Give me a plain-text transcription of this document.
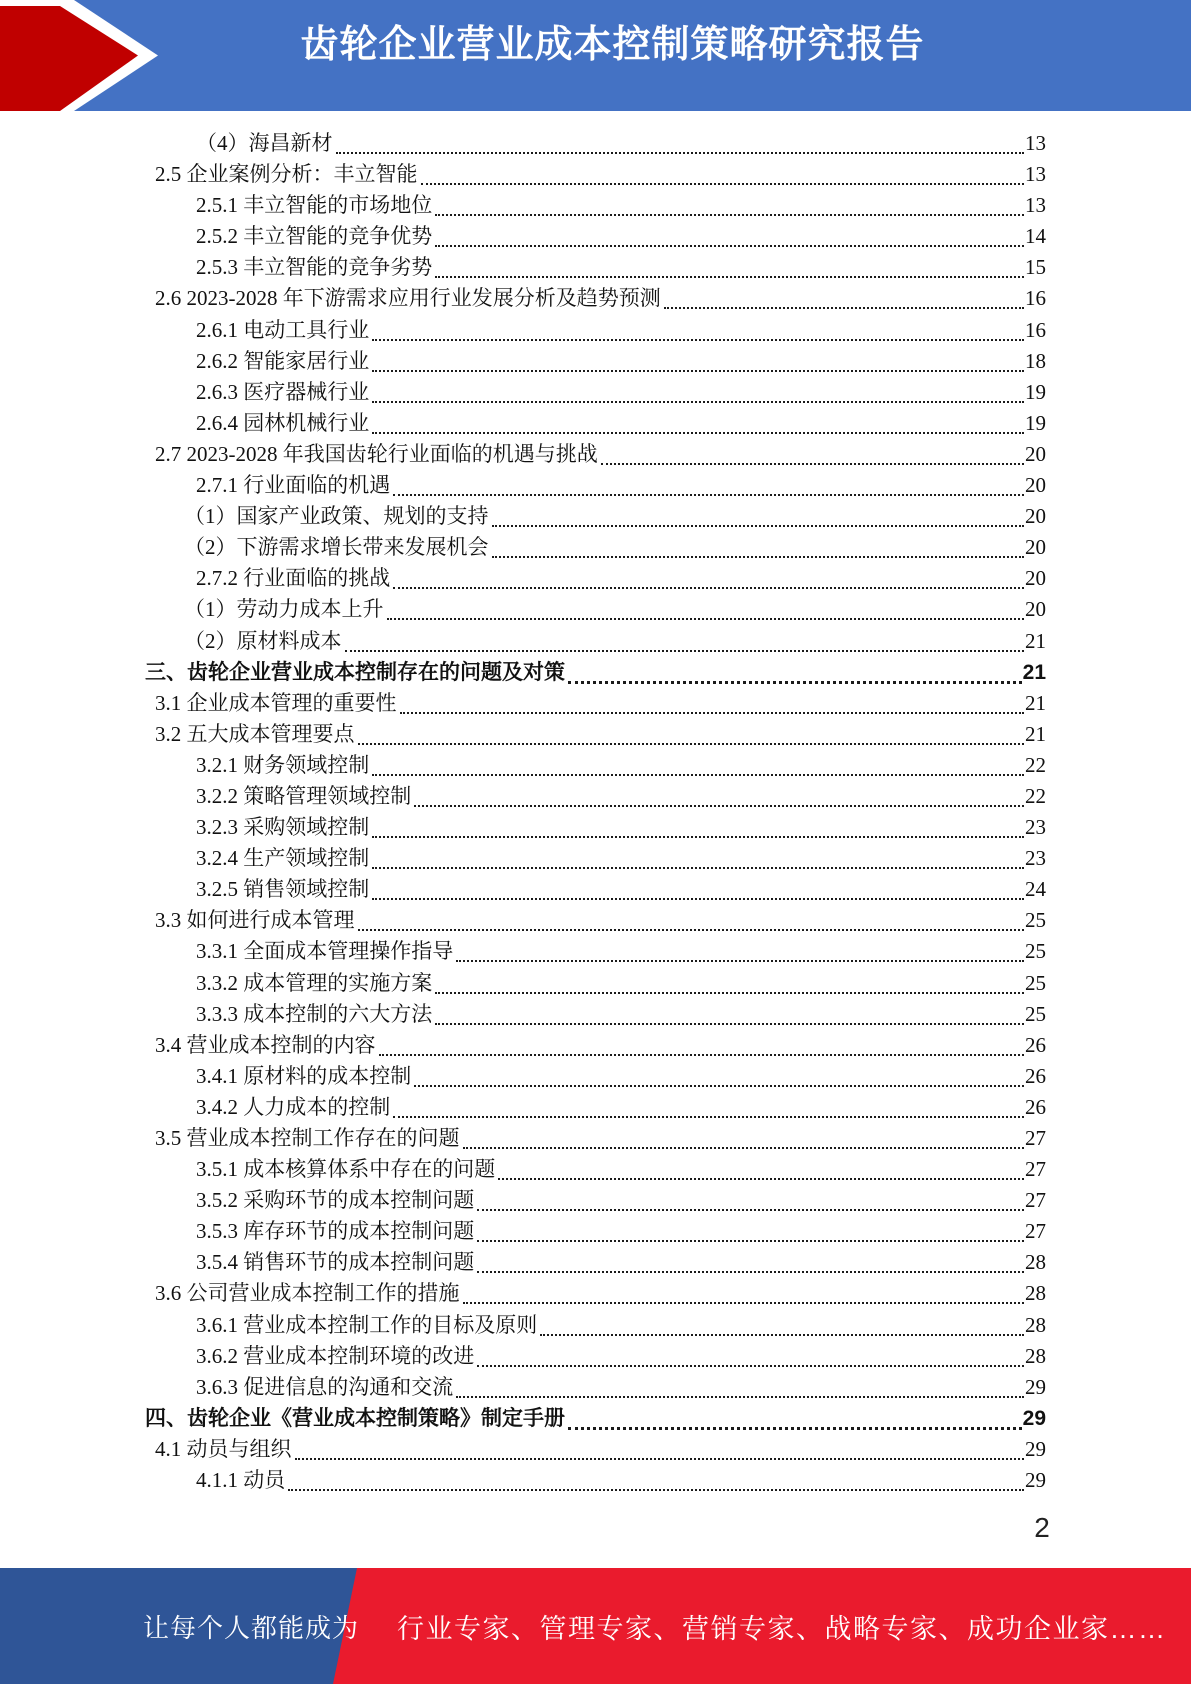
齿轮企业营业成本控制策略研究报告
（4）海昌新材	13
2.5 企业案例分析：丰立智能	13
2.5.1 丰立智能的市场地位	13
2.5.2 丰立智能的竞争优势	14
2.5.3 丰立智能的竞争劣势	15
2.6 2023-2028 年下游需求应用行业发展分析及趋势预测	16
2.6.1 电动工具行业	16
2.6.2 智能家居行业	18
2.6.3 医疗器械行业	19
2.6.4 园林机械行业	19
2.7 2023-2028 年我国齿轮行业面临的机遇与挑战	20
2.7.1 行业面临的机遇	20
（1）国家产业政策、规划的支持	20
（2）下游需求增长带来发展机会	20
2.7.2 行业面临的挑战	20
（1）劳动力成本上升	20
（2）原材料成本	21
三、齿轮企业营业成本控制存在的问题及对策	21
3.1 企业成本管理的重要性	21
3.2 五大成本管理要点	21
3.2.1 财务领域控制	22
3.2.2 策略管理领域控制	22
3.2.3 采购领域控制	23
3.2.4 生产领域控制	23
3.2.5 销售领域控制	24
3.3 如何进行成本管理	25
3.3.1 全面成本管理操作指导	25
3.3.2 成本管理的实施方案	25
3.3.3 成本控制的六大方法	25
3.4 营业成本控制的内容	26
3.4.1 原材料的成本控制	26
3.4.2 人力成本的控制	26
3.5 营业成本控制工作存在的问题	27
3.5.1 成本核算体系中存在的问题	27
3.5.2 采购环节的成本控制问题	27
3.5.3 库存环节的成本控制问题	27
3.5.4 销售环节的成本控制问题	28
3.6 公司营业成本控制工作的措施	28
3.6.1 营业成本控制工作的目标及原则	28
3.6.2 营业成本控制环境的改进	28
3.6.3 促进信息的沟通和交流	29
四、齿轮企业《营业成本控制策略》制定手册	29
4.1 动员与组织	29
4.1.1 动员	29
2
让每个人都能成为 行业专家、管理专家、营销专家、战略专家、成功企业家……
